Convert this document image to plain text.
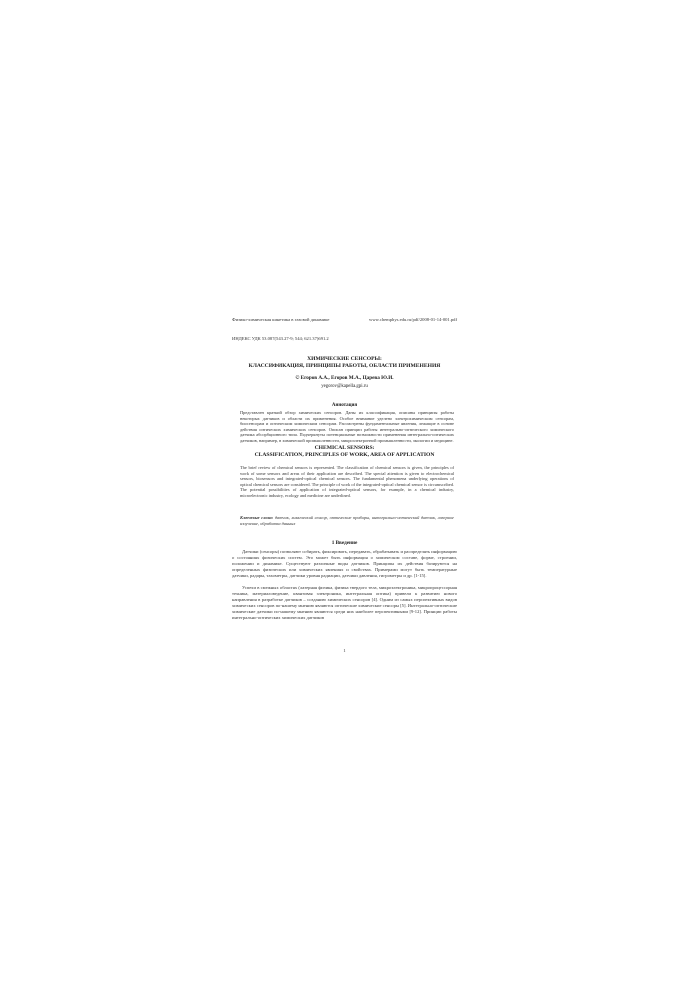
Физико-химическая кинетика в газовой динамике	www.chemphys.edu.ru/pdf/2008-01-14-001.pdf
ИНДЕКС УДК 53.087(543.27-9; 544; 621.37)691.2
ХИМИЧЕСКИЕ СЕНСОРЫ:
КЛАССИФИКАЦИЯ, ПРИНЦИПЫ РАБОТЫ, ОБЛАСТИ ПРИМЕНЕНИЯ
© Егоров А.А., Егоров М.А., Царева Ю.И.
yegorov@kapella.gpi.ru
Аннотация
Представлен краткий обзор химических сенсоров. Даны их классификация, описаны принципы работы некоторых датчиков и области их применения. Особое внимание уделено электрохимическим сенсорам, биосенсорам и оптическим химическим сенсорам. Рассмотрены фундаментальные явления, лежащие в основе действия оптических химических сенсоров. Описан принцип работы интегрально-оптического химического датчика абсорбционного типа. Подчеркнуты потенциальные возможности применения интегрально-оптических датчиков, например, в химической промышленности, микроэлектронной промышленности, экологии и медицине.
CHEMICAL SENSORS:
CLASSIFICATION, PRINCIPLES OF WORK, AREA OF APPLICATION
The brief review of chemical sensors is represented. The classification of chemical sensors is given, the principles of work of some sensors and areas of their application are described. The special attention is given to electrochemical sensors, biosensors and integrated-optical chemical sensors. The fundamental phenomena underlying operations of optical chemical sensors are considered. The principle of work of the integrated-optical chemical sensor is circumscribed. The potential possibilities of application of integrated-optical sensors, for example, in a chemical industry, microelectronic industry, ecology and medicine are underlined.
Ключевые слова: датчик, химический сенсор, оптические приборы, интегрально-оптический датчик, лазерное излучение, обработка данных
1 Введение
Датчики (сенсоры) позволяют собирать, фиксировать, передавать, обрабатывать и распределять информацию о состояниях физических систем. Это может быть информация о химическом составе, форме, строении, положении и динамике. Существуют различные виды датчиков. Принципы их действия базируются на определенных физических или химических явлениях и свойствах. Примерами могут быть температурные датчики, радары, тахометры, датчики уровня радиации, датчики давления, гигрометры и др. [1-15].
Успехи в смежных областях (лазерная физика, физика твердого тела, микроэлектроника, микропроцессорная техника, материаловедение, квантовая электроника, интегральная оптика) привели к развитию нового направления в разработке датчиков – созданию химических сенсоров [4]. Одним из самых перспективных видов химических сенсоров по-нашему мнению являются оптические химические сенсоры [5]. Интегрально-оптические химические датчики по-нашему мнению являются среди них наиболее перспективными [9-12]. Принцип работы интегрально-оптических химических датчиков
1
